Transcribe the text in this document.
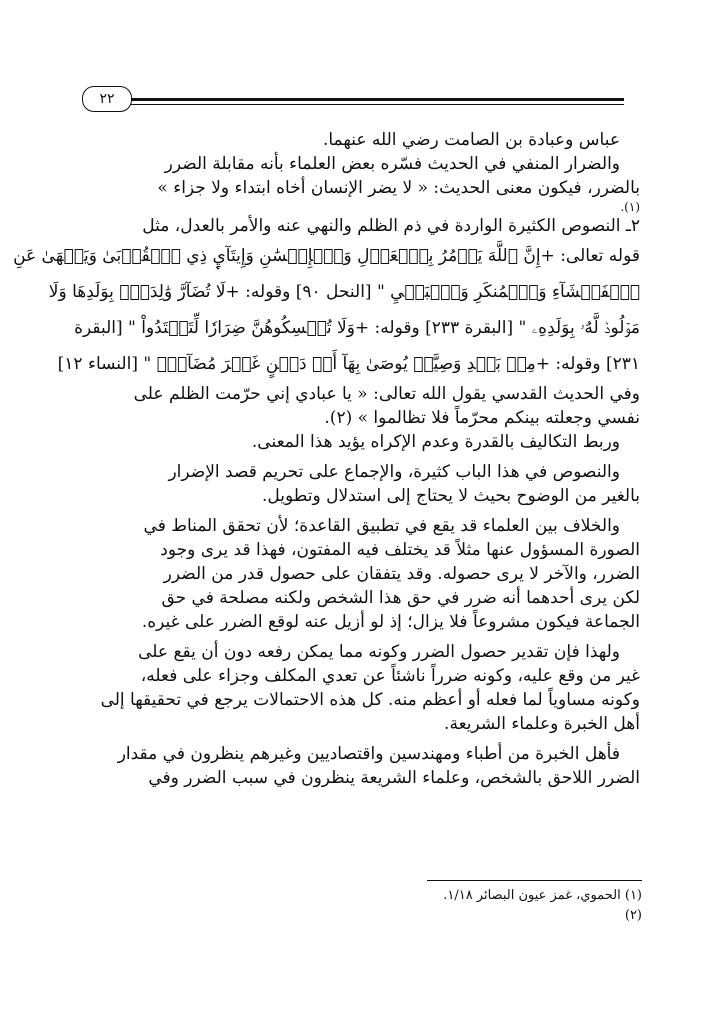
٢٢
عباس وعبادة بن الصامت رضي الله عنهما.
والضرار المنفي في الحديث فسّره بعض العلماء بأنه مقابلة الضرر
بالضرر، فيكون معنى الحديث: « لا يضر الإنسان أخاه ابتداء ولا جزاء »
(١).
٢ـ النصوص الكثيرة الواردة في ذم الظلم والنهي عنه والأمر بالعدل، مثل
قوله تعالى: +إِنَّ ٱللَّهَ يَأۡمُرُ بِٱلۡعَدۡلِ وَٱلۡإِحۡسَٰنِ وَإِيتَآيِٕ ذِي ٱلۡقُرۡبَىٰ وَيَنۡهَىٰ عَنِ
ٱلۡفَحۡشَآءِ وَٱلۡمُنكَرِ وَٱلۡبَغۡيِ " [النحل ٩٠] وقوله: +لَا تُضَآرَّ وَٰلِدَةُۢ بِوَلَدِهَا وَلَا
مَوۡلُودٞ لَّهُۥ بِوَلَدِهِۦ " [البقرة ٢٣٣] وقوله: +وَلَا تُمۡسِكُوهُنَّ ضِرَارٗا لِّتَعۡتَدُواْ " [البقرة
٢٣١] وقوله: +مِنۢ بَعۡدِ وَصِيَّةٖ يُوصَىٰ بِهَآ أَوۡ دَيۡنٍ غَيۡرَ مُضَآرّٖ " [النساء ١٢]
وفي الحديث القدسي يقول الله تعالى: « يا عبادي إني حرّمت الظلم على
نفسي وجعلته بينكم محرّماً فلا تظالموا » (٢).
وربط التكاليف بالقدرة وعدم الإكراه يؤيد هذا المعنى.
والنصوص في هذا الباب كثيرة، والإجماع على تحريم قصد الإضرار
بالغير من الوضوح بحيث لا يحتاج إلى استدلال وتطويل.
والخلاف بين العلماء قد يقع في تطبيق القاعدة؛ لأن تحقق المناط في
الصورة المسؤول عنها مثلاً قد يختلف فيه المفتون، فهذا قد يرى وجود
الضرر، والآخر لا يرى حصوله. وقد يتفقان على حصول قدر من الضرر
لكن يرى أحدهما أنه ضرر في حق هذا الشخص ولكنه مصلحة في حق
الجماعة فيكون مشروعاً فلا يزال؛ إذ لو أزيل عنه لوقع الضرر على غيره.
ولهذا فإن تقدير حصول الضرر وكونه مما يمكن رفعه دون أن يقع على
غير من وقع عليه، وكونه ضرراً ناشئاً عن تعدي المكلف وجزاء على فعله،
وكونه مساوياً لما فعله أو أعظم منه. كل هذه الاحتمالات يرجع في تحقيقها إلى
أهل الخبرة وعلماء الشريعة.
فأهل الخبرة من أطباء ومهندسين واقتصاديين وغيرهم ينظرون في مقدار
الضرر اللاحق بالشخص، وعلماء الشريعة ينظرون في سبب الضرر وفي
(١) الحموي، غمز عيون البصائر ١/١٨.
(٢)
